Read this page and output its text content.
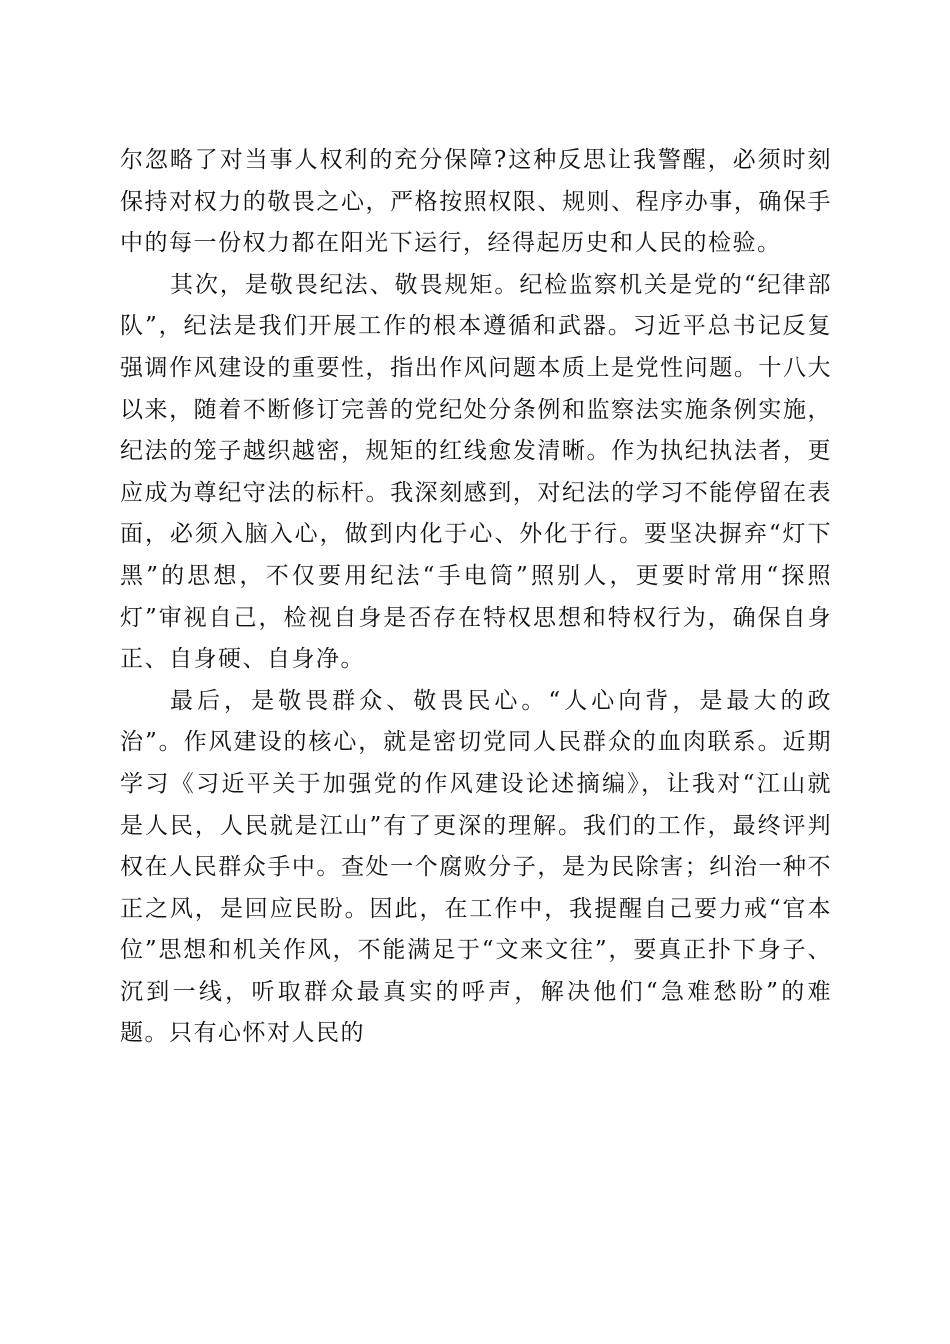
尔忽略了对当事人权利的充分保障?这种反思让我警醒，必须时刻保持对权力的敬畏之心，严格按照权限、规则、程序办事，确保手中的每一份权力都在阳光下运行，经得起历史和人民的检验。

其次，是敬畏纪法、敬畏规矩。纪检监察机关是党的“纪律部队”，纪法是我们开展工作的根本遵循和武器。习近平总书记反复强调作风建设的重要性，指出作风问题本质上是党性问题。十八大以来，随着不断修订完善的党纪处分条例和监察法实施条例实施，纪法的笼子越织越密，规矩的红线愈发清晰。作为执纪执法者，更应成为尊纪守法的标杆。我深刻感到，对纪法的学习不能停留在表面，必须入脑入心，做到内化于心、外化于行。要坚决摒弃“灯下黑”的思想，不仅要用纪法“手电筒”照别人，更要时常用“探照灯”审视自己，检视自身是否存在特权思想和特权行为，确保自身正、自身硬、自身净。

最后，是敬畏群众、敬畏民心。“人心向背，是最大的政治”。作风建设的核心，就是密切党同人民群众的血肉联系。近期学习《习近平关于加强党的作风建设论述摘编》，让我对“江山就是人民，人民就是江山”有了更深的理解。我们的工作，最终评判权在人民群众手中。查处一个腐败分子，是为民除害；纠治一种不正之风，是回应民盼。因此，在工作中，我提醒自己要力戒“官本位”思想和机关作风，不能满足于“文来文往”，要真正扑下身子、沉到一线，听取群众最真实的呼声，解决他们“急难愁盼”的难题。只有心怀对人民的
